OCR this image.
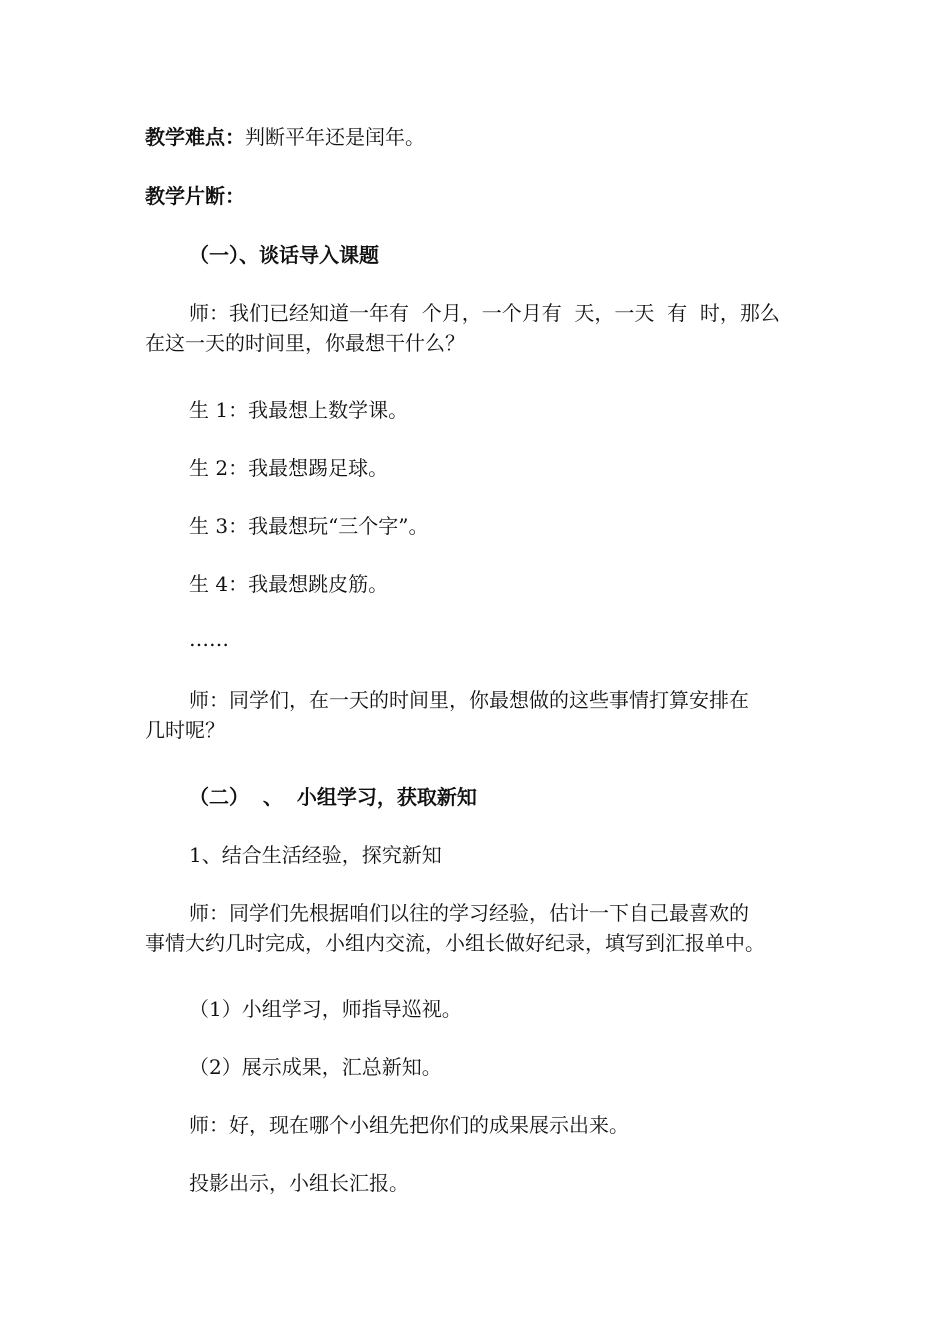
教学难点：判断平年还是闰年。
教学片断：
（一）、谈话导入课题
师：我们已经知道一年有  个月，一个月有  天，一天  有  时，那么
在这一天的时间里，你最想干什么？
生 1：我最想上数学课。
生 2：我最想踢足球。
生 3：我最想玩“三个字”。
生 4：我最想跳皮筋。
……
师：同学们，在一天的时间里，你最想做的这些事情打算安排在
几时呢？
（二）  、  小组学习，获取新知
1、结合生活经验，探究新知
师：同学们先根据咱们以往的学习经验，估计一下自己最喜欢的
事情大约几时完成，小组内交流，小组长做好纪录，填写到汇报单中。
（1）小组学习，师指导巡视。
（2）展示成果，汇总新知。
师：好，现在哪个小组先把你们的成果展示出来。
投影出示，小组长汇报。
